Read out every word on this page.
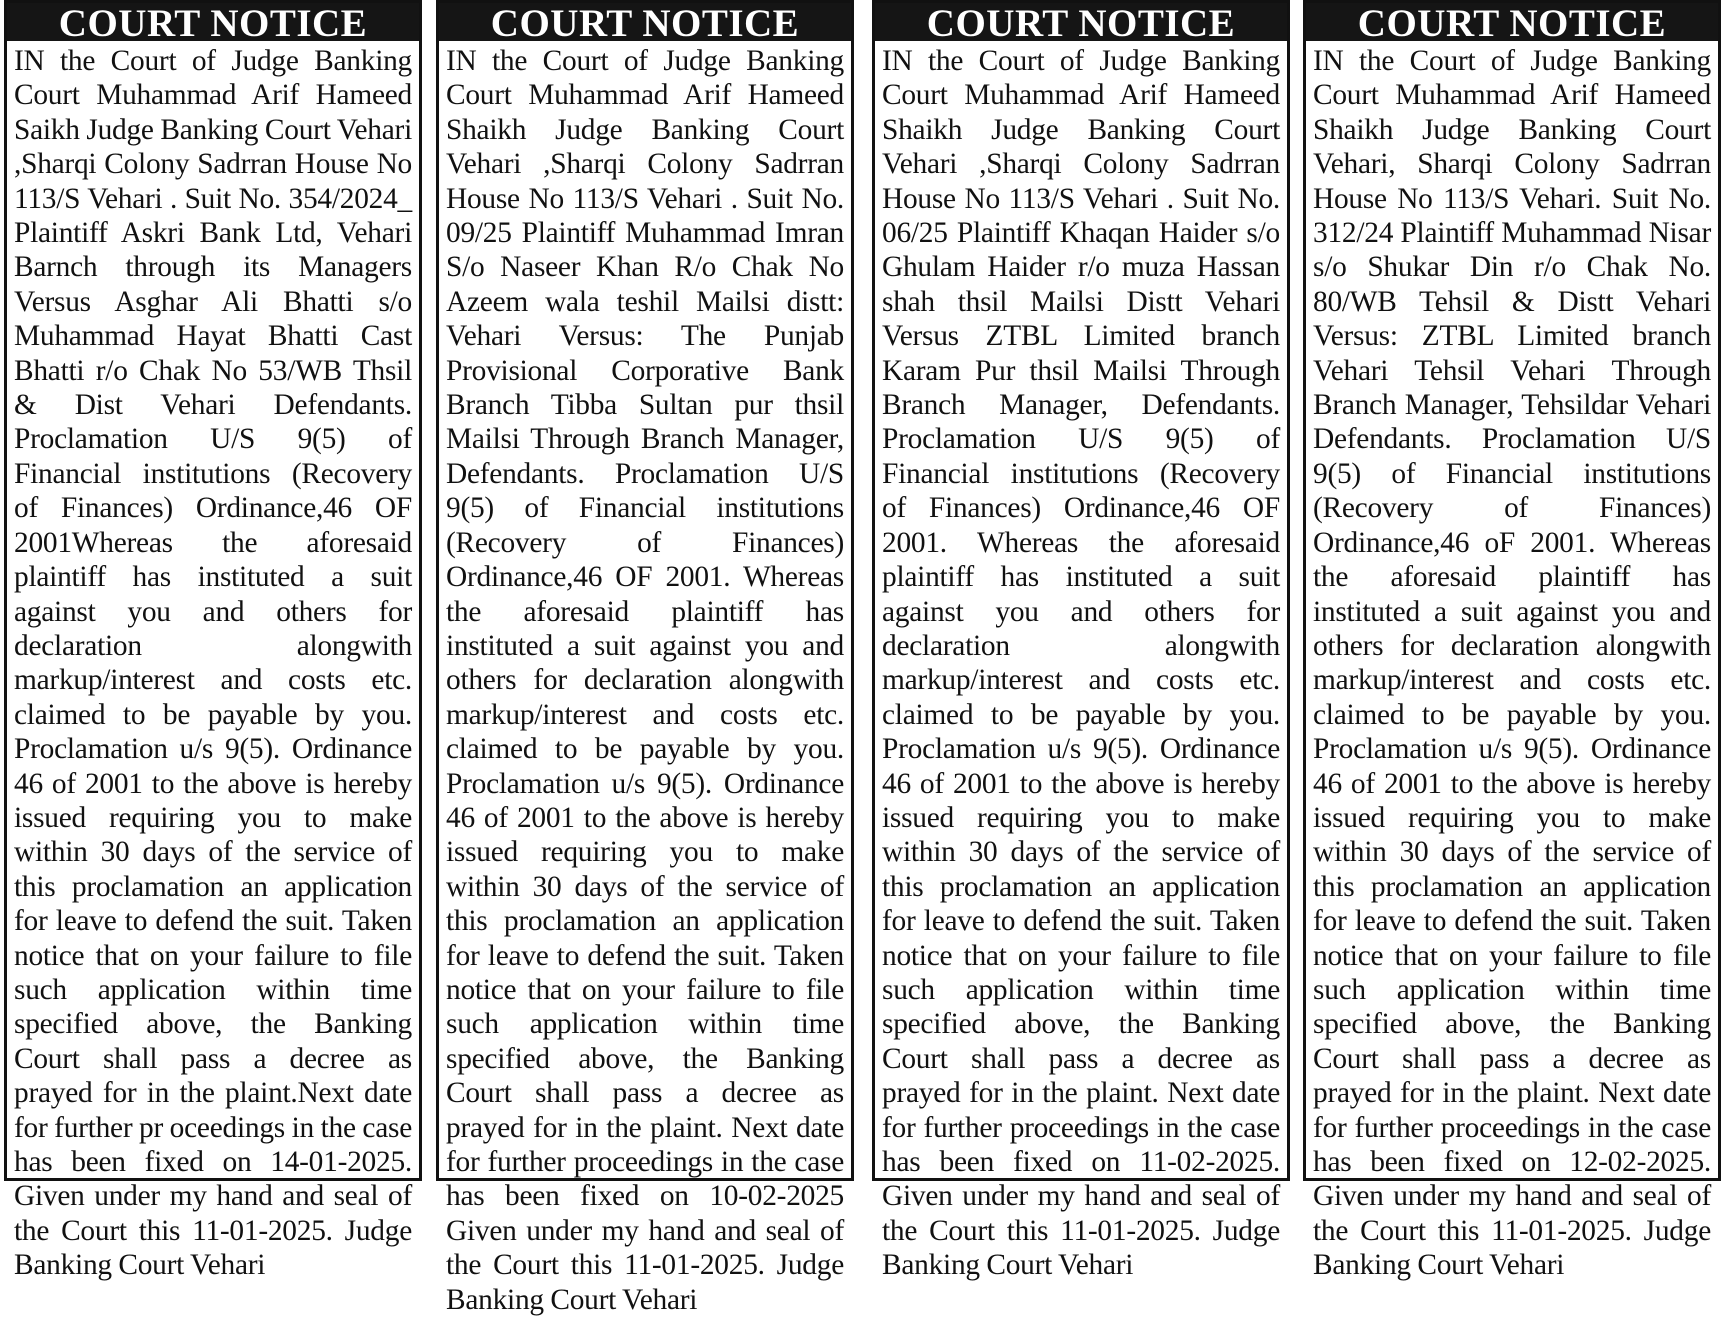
COURT NOTICE

IN the Court of Judge Banking Court Muhammad Arif Hameed Saikh Judge Banking Court Vehari ,Sharqi Colony Sadrran House No 113/S Vehari . Suit No. 354/2024_ Plaintiff Askri Bank Ltd, Vehari Barnch through its Managers Versus Asghar Ali Bhatti s/o Muhammad Hayat Bhatti Cast Bhatti r/o Chak No 53/WB Thsil & Dist Vehari Defendants. Proclamation U/S 9(5) of Financial institutions (Recovery of Finances) Ordinance,46 OF 2001Whereas the aforesaid plaintiff has instituted a suit against you and others for declaration alongwith markup/interest and costs etc. claimed to be payable by you. Proclamation u/s 9(5). Ordinance 46 of 2001 to the above is hereby issued requiring you to make within 30 days of the service of this proclamation an application for leave to defend the suit. Taken notice that on your failure to file such application within time specified above, the Banking Court shall pass a decree as prayed for in the plaint.Next date for further pr oceedings in the case has been fixed on 14-01-2025. Given under my hand and seal of the Court this 11-01-2025. Judge Banking Court Vehari

COURT NOTICE

IN the Court of Judge Banking Court Muhammad Arif Hameed Shaikh Judge Banking Court Vehari ,Sharqi Colony Sadrran House No 113/S Vehari . Suit No. 09/25 Plaintiff Muhammad Imran S/o Naseer Khan R/o Chak No Azeem wala teshil Mailsi distt: Vehari Versus: The Punjab Provisional Corporative Bank Branch Tibba Sultan pur thsil Mailsi Through Branch Manager, Defendants. Proclamation U/S 9(5) of Financial institutions (Recovery of Finances) Ordinance,46 OF 2001. Whereas the aforesaid plaintiff has instituted a suit against you and others for declaration alongwith markup/interest and costs etc. claimed to be payable by you. Proclamation u/s 9(5). Ordinance 46 of 2001 to the above is hereby issued requiring you to make within 30 days of the service of this proclamation an application for leave to defend the suit. Taken notice that on your failure to file such application within time specified above, the Banking Court shall pass a decree as prayed for in the plaint. Next date for further proceedings in the case has been fixed on 10-02-2025 Given under my hand and seal of the Court this 11-01-2025. Judge Banking Court Vehari

COURT NOTICE

IN the Court of Judge Banking Court Muhammad Arif Hameed Shaikh Judge Banking Court Vehari ,Sharqi Colony Sadrran House No 113/S Vehari . Suit No. 06/25 Plaintiff Khaqan Haider s/o Ghulam Haider r/o muza Hassan shah thsil Mailsi Distt Vehari Versus ZTBL Limited branch Karam Pur thsil Mailsi Through Branch Manager, Defendants. Proclamation U/S 9(5) of Financial institutions (Recovery of Finances) Ordinance,46 OF 2001. Whereas the aforesaid plaintiff has instituted a suit against you and others for declaration alongwith markup/interest and costs etc. claimed to be payable by you. Proclamation u/s 9(5). Ordinance 46 of 2001 to the above is hereby issued requiring you to make within 30 days of the service of this proclamation an application for leave to defend the suit. Taken notice that on your failure to file such application within time specified above, the Banking Court shall pass a decree as prayed for in the plaint. Next date for further proceedings in the case has been fixed on 11-02-2025. Given under my hand and seal of the Court this 11-01-2025. Judge Banking Court Vehari

COURT NOTICE

IN the Court of Judge Banking Court Muhammad Arif Hameed Shaikh Judge Banking Court Vehari, Sharqi Colony Sadrran House No 113/S Vehari. Suit No. 312/24 Plaintiff Muhammad Nisar s/o Shukar Din r/o Chak No. 80/WB Tehsil & Distt Vehari Versus: ZTBL Limited branch Vehari Tehsil Vehari Through Branch Manager, Tehsildar Vehari Defendants. Proclamation U/S 9(5) of Financial institutions (Recovery of Finances) Ordinance,46 oF 2001. Whereas the aforesaid plaintiff has instituted a suit against you and others for declaration alongwith markup/interest and costs etc. claimed to be payable by you. Proclamation u/s 9(5). Ordinance 46 of 2001 to the above is hereby issued requiring you to make within 30 days of the service of this proclamation an application for leave to defend the suit. Taken notice that on your failure to file such application within time specified above, the Banking Court shall pass a decree as prayed for in the plaint. Next date for further proceedings in the case has been fixed on 12-02-2025. Given under my hand and seal of the Court this 11-01-2025. Judge Banking Court Vehari
